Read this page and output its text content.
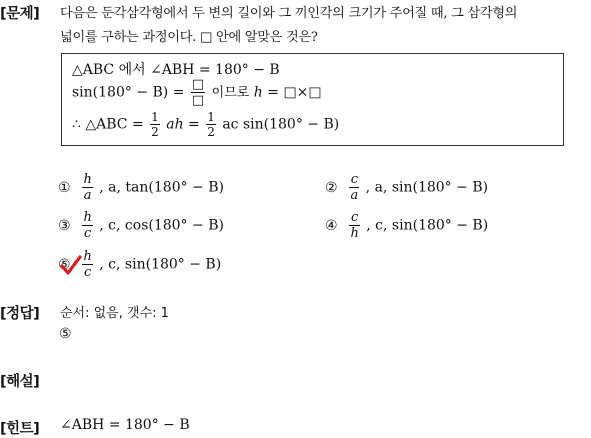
[문제]
[정답]
[해설]
[힌트]
다음은 둔각삼각형에서 두 변의 길이와 그 끼인각의 크기가 주어질 때, 그 삼각형의
넓이를 구하는 과정이다. □ 안에 알맞은 것은?
△ABC 에서 ∠ABH = 180° − B
$\sin(180^\circ - B) = \frac{□}{□}$ 이므로 h = □×□
∴ △ABC = $\frac{1}{2}$ ah = $\frac{1}{2}$ ac sin(180° − B)
① $\frac{h}{a}$ , a, tan(180° − B)	② $\frac{c}{a}$ , a, sin(180° − B)
③ $\frac{h}{c}$ , c, cos(180° − B)	④ $\frac{c}{h}$ , c, sin(180° − B)
⑤ $\frac{h}{c}$ , c, sin(180° − B)
순서: 없음, 갯수: 1
⑤
∠ABH = 180° − B
